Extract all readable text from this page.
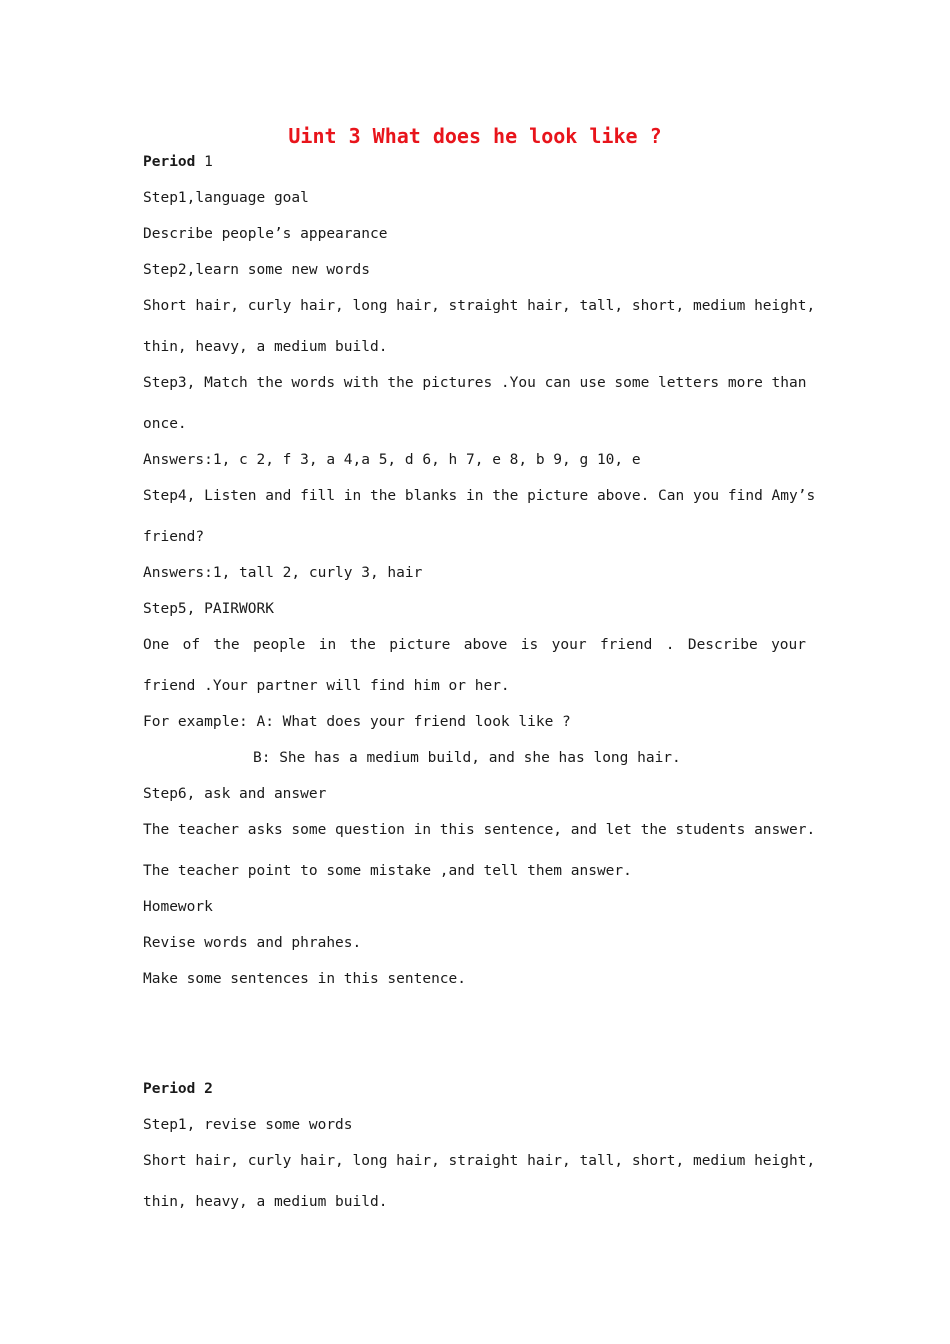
Uint 3 What does he look like ?
Period 1
Step1,language goal
Describe people’s appearance
Step2,learn some new words
Short hair, curly hair, long hair, straight hair, tall, short, medium height,
thin, heavy, a medium build.
Step3, Match the words with the pictures .You can use some letters more than
once.
Answers:1, c 2, f 3, a 4,a 5, d 6, h 7, e 8, b 9, g 10, e
Step4, Listen and fill in the blanks in the picture above. Can you find Amy’s
friend?
Answers:1, tall 2, curly 3, hair
Step5, PAIRWORK
One of the people in the picture above is your friend . Describe your
friend .Your partner will find him or her.
For example: A: What does your friend look like ?
B: She has a medium build, and she has long hair.
Step6, ask and answer
The teacher asks some question in this sentence, and let the students answer.
The teacher point to some mistake ,and tell them answer.
Homework
Revise words and phrahes.
Make some sentences in this sentence.
Period 2
Step1, revise some words
Short hair, curly hair, long hair, straight hair, tall, short, medium height,
thin, heavy, a medium build.
